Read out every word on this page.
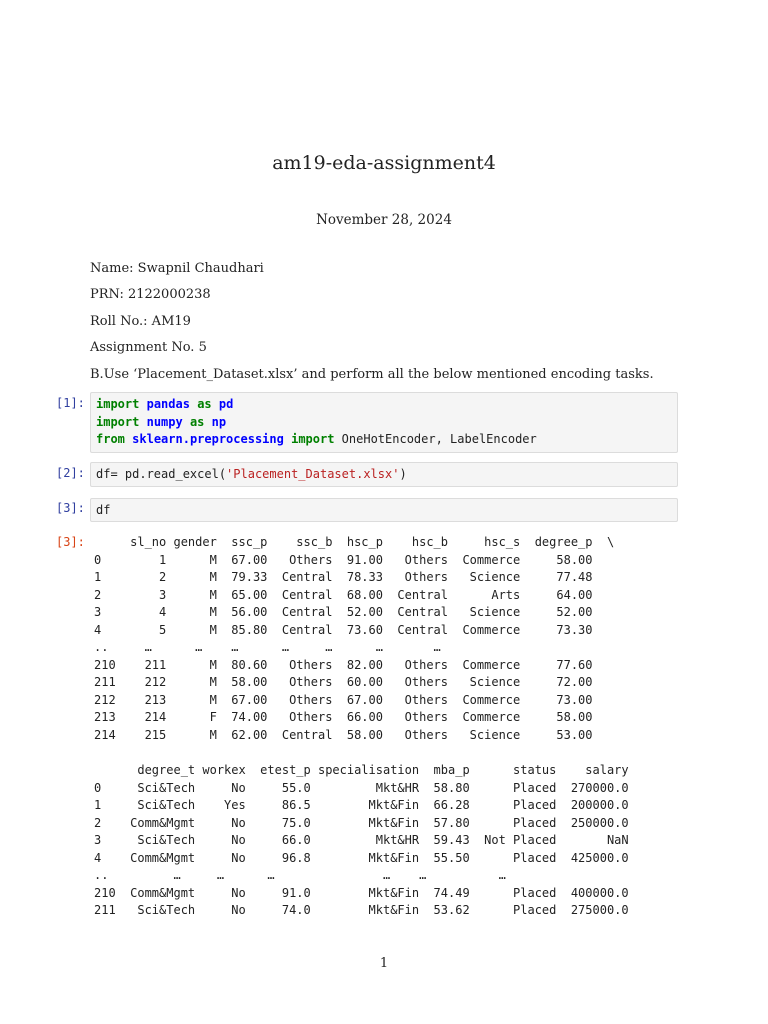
am19-eda-assignment4
November 28, 2024
Name: Swapnil Chaudhari
PRN: 2122000238
Roll No.: AM19
Assignment No. 5
B.Use ‘Placement_Dataset.xlsx’ and perform all the below mentioned encoding tasks.
[1]: import pandas as pd
import numpy as np
from sklearn.preprocessing import OneHotEncoder, LabelEncoder
[2]: df= pd.read_excel('Placement_Dataset.xlsx')
[3]: df
[3]: sl_no gender  ssc_p    ssc_b  hsc_p    hsc_b     hsc_s  degree_p  \
0        1      M  67.00   Others  91.00   Others  Commerce     58.00
1        2      M  79.33  Central  78.33   Others   Science     77.48
2        3      M  65.00  Central  68.00  Central      Arts     64.00
3        4      M  56.00  Central  52.00  Central   Science     52.00
4        5      M  85.80  Central  73.60  Central  Commerce     73.30
..     …      …    …      …     …      …       …
210    211      M  80.60   Others  82.00   Others  Commerce     77.60
211    212      M  58.00   Others  60.00   Others   Science     72.00
212    213      M  67.00   Others  67.00   Others  Commerce     73.00
213    214      F  74.00   Others  66.00   Others  Commerce     58.00
214    215      M  62.00  Central  58.00   Others   Science     53.00
degree_t workex  etest_p specialisation  mba_p      status    salary
0     Sci&Tech     No     55.0         Mkt&HR  58.80      Placed  270000.0
1     Sci&Tech    Yes     86.5        Mkt&Fin  66.28      Placed  200000.0
2    Comm&Mgmt     No     75.0        Mkt&Fin  57.80      Placed  250000.0
3     Sci&Tech     No     66.0         Mkt&HR  59.43  Not Placed       NaN
4    Comm&Mgmt     No     96.8        Mkt&Fin  55.50      Placed  425000.0
..         …     …      …               …    …          …
210  Comm&Mgmt     No     91.0        Mkt&Fin  74.49      Placed  400000.0
211   Sci&Tech     No     74.0        Mkt&Fin  53.62      Placed  275000.0
1
